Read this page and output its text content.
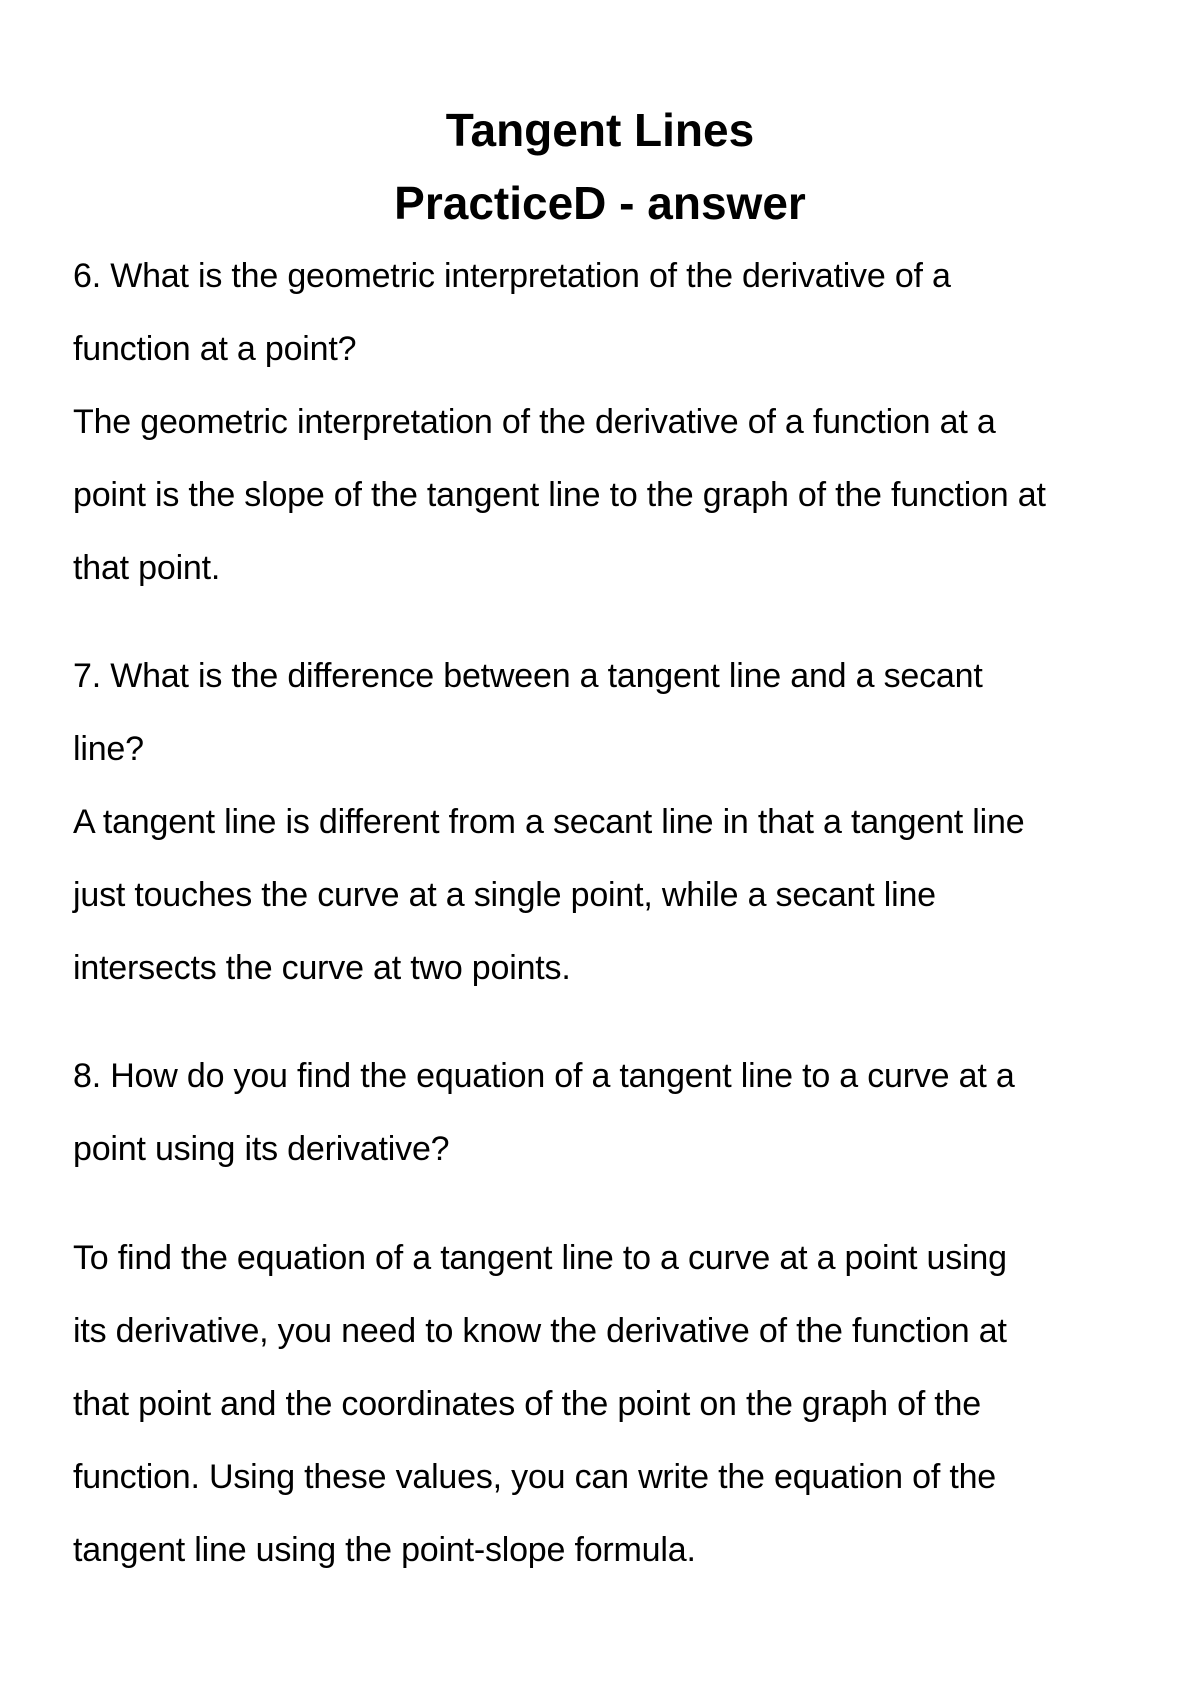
Tangent Lines
PracticeD - answer
6. What is the geometric interpretation of the derivative of a
function at a point?
The geometric interpretation of the derivative of a function at a
point is the slope of the tangent line to the graph of the function at
that point.
7. What is the difference between a tangent line and a secant
line?
A tangent line is different from a secant line in that a tangent line
just touches the curve at a single point, while a secant line
intersects the curve at two points.
8. How do you find the equation of a tangent line to a curve at a
point using its derivative?
To find the equation of a tangent line to a curve at a point using
its derivative, you need to know the derivative of the function at
that point and the coordinates of the point on the graph of the
function. Using these values, you can write the equation of the
tangent line using the point-slope formula.
